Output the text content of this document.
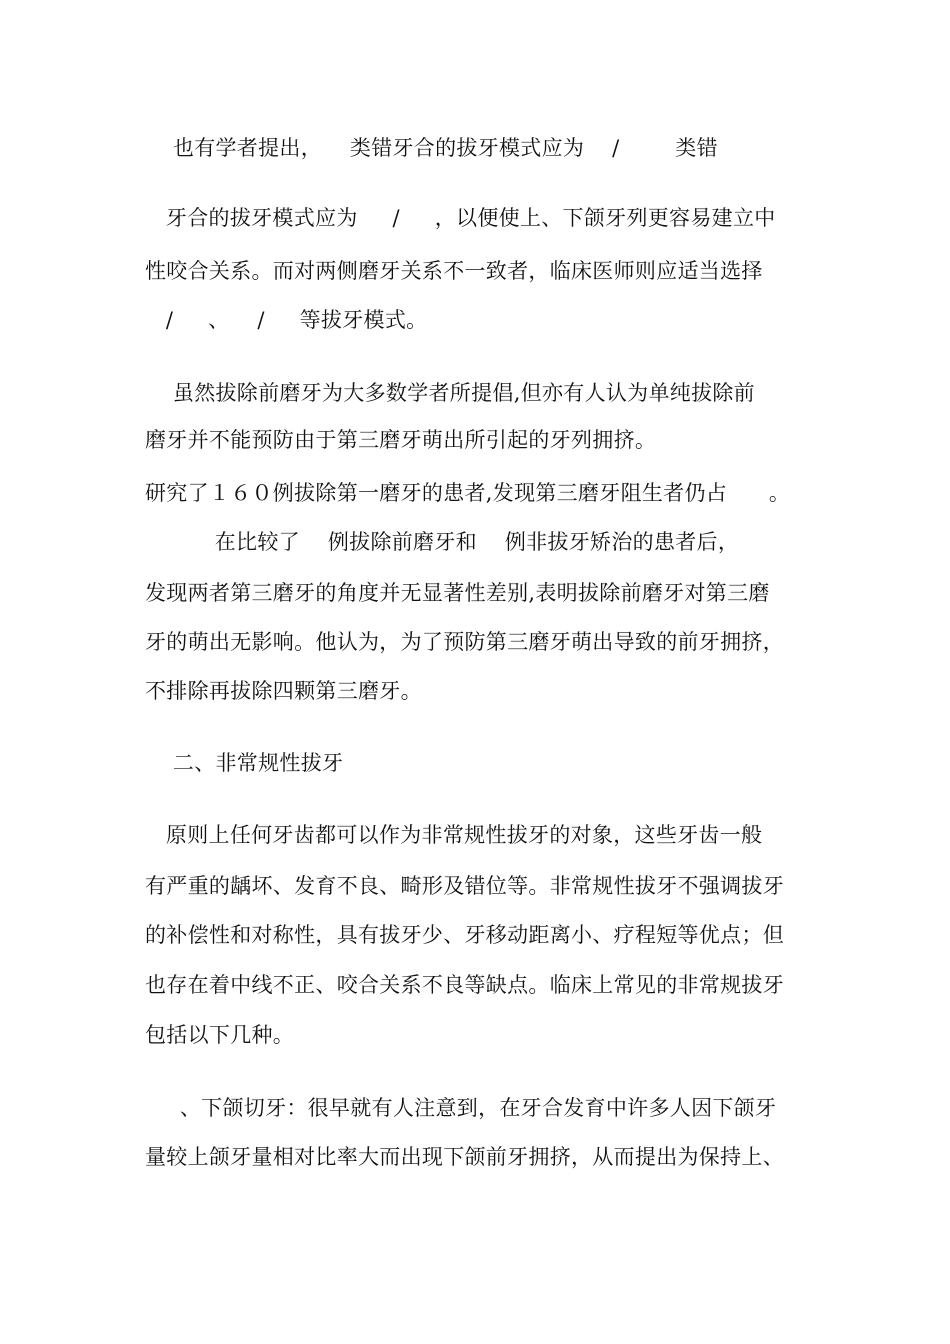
也有学者提出，    类错牙合的拔牙模式应为    /        类错
牙合的拔牙模式应为     /     ，以便使上、下颌牙列更容易建立中
性咬合关系。而对两侧磨牙关系不一致者，临床医师则应适当选择
/     、    /     等拔牙模式。
虽然拔除前磨牙为大多数学者所提倡,但亦有人认为单纯拔除前
磨牙并不能预防由于第三磨牙萌出所引起的牙列拥挤。
研究了１６０例拔除第一磨牙的患者,发现第三磨牙阻生者仍占      。
在比较了    例拔除前磨牙和    例非拔牙矫治的患者后，
发现两者第三磨牙的角度并无显著性差别,表明拔除前磨牙对第三磨
牙的萌出无影响。他认为，为了预防第三磨牙萌出导致的前牙拥挤，
不排除再拔除四颗第三磨牙。
二、非常规性拔牙
原则上任何牙齿都可以作为非常规性拔牙的对象，这些牙齿一般
有严重的龋坏、发育不良、畸形及错位等。非常规性拔牙不强调拔牙
的补偿性和对称性，具有拔牙少、牙移动距离小、疗程短等优点；但
也存在着中线不正、咬合关系不良等缺点。临床上常见的非常规拔牙
包括以下几种。
、下颌切牙：很早就有人注意到，在牙合发育中许多人因下颌牙
量较上颌牙量相对比率大而出现下颌前牙拥挤，从而提出为保持上、
